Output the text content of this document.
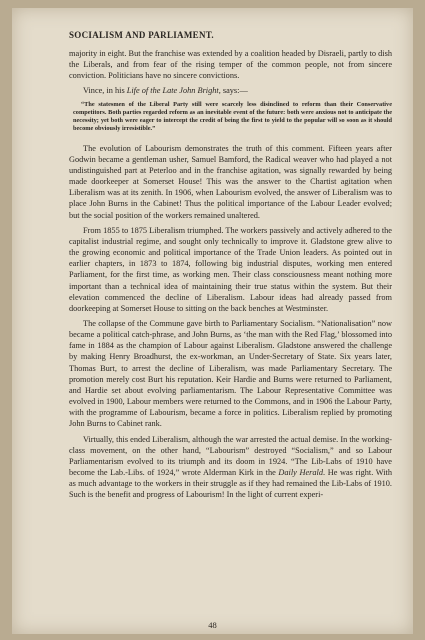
SOCIALISM AND PARLIAMENT.

majority in eight. But the franchise was extended by a coalition headed by Disraeli, partly to dish the Liberals, and from fear of the rising temper of the common people, not from sincere conviction. Politicians have no sincere convictions.

Vince, in his Life of the Late John Bright, says:—

“The statesmen of the Liberal Party still were scarcely less disinclined to reform than their Conservative competitors. Both parties regarded reform as an inevitable event of the future: both were anxious not to anticipate the necessity; yet both were eager to intercept the credit of being the first to yield to the popular will so soon as it should become obviously irresistible.”

The evolution of Labourism demonstrates the truth of this comment. Fifteen years after Godwin became a gentleman usher, Samuel Bamford, the Radical weaver who had played a not undistinguished part at Peterloo and in the franchise agitation, was signally rewarded by being made doorkeeper at Somerset House! This was the answer to the Chartist agitation when Liberalism was at its zenith. In 1906, when Labourism evolved, the answer of Liberalism was to place John Burns in the Cabinet! Thus the political importance of the Labour Leader evolved; but the social position of the workers remained unaltered.

From 1855 to 1875 Liberalism triumphed. The workers passively and actively adhered to the capitalist industrial regime, and sought only technically to improve it. Gladstone grew alive to the growing economic and political importance of the Trade Union leaders. As pointed out in earlier chapters, in 1873 to 1874, following big industrial disputes, working men entered Parliament, for the first time, as working men. Their class consciousness meant nothing more important than a technical idea of maintaining their true status within the system. But their elevation commenced the decline of Liberalism. Labour ideas had already passed from doorkeeping at Somerset House to sitting on the back benches at Westminster.

The collapse of the Commune gave birth to Parliamentary Socialism. “Nationalisation” now became a political catch-phrase, and John Burns, as ‘the man with the Red Flag,’ blossomed into fame in 1884 as the champion of Labour against Liberalism. Gladstone answered the challenge by making Henry Broadhurst, the ex-workman, an Under-Secretary of State. Six years later, Thomas Burt, to arrest the decline of Liberalism, was made Parliamentary Secretary. The promotion merely cost Burt his reputation. Keir Hardie and Burns were returned to Parliament, and Hardie set about evolving parliamentarism. The Labour Representative Committee was evolved in 1900, Labour members were returned to the Commons, and in 1906 the Labour Party, with the programme of Labourism, became a force in politics. Liberalism replied by promoting John Burns to Cabinet rank.

Virtually, this ended Liberalism, although the war arrested the actual demise. In the working-class movement, on the other hand, “Labourism” destroyed “Socialism,” and so Labour Parliamentarism evolved to its triumph and its doom in 1924. “The Lib-Labs of 1910 have become the Lab.-Libs. of 1924,” wrote Alderman Kirk in the Daily Herald. He was right. With as much advantage to the workers in their struggle as if they had remained the Lib-Labs of 1910. Such is the benefit and progress of Labourism! In the light of current experi-

48
